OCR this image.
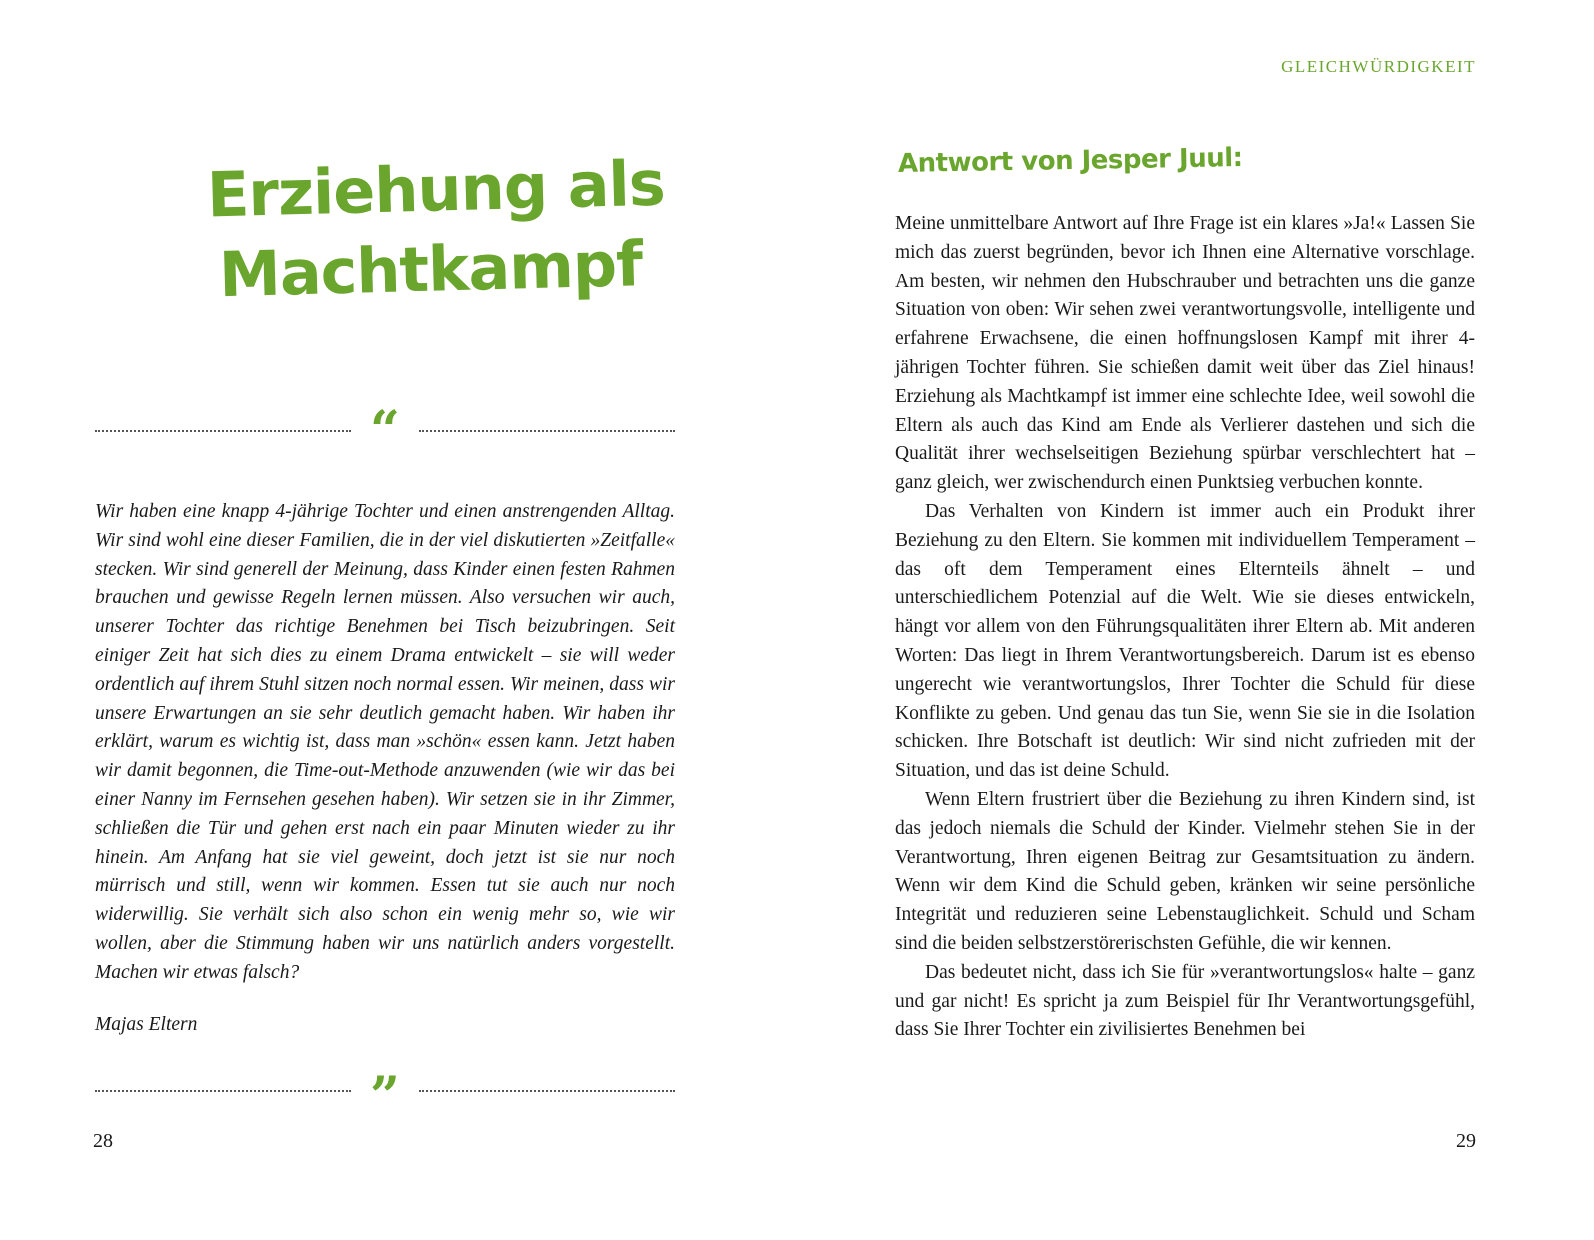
Erziehung als
Machtkampf
“

Wir haben eine knapp 4-jährige Tochter und einen anstrengenden Alltag. Wir sind wohl eine dieser Familien, die in der viel diskutierten »Zeitfalle« stecken. Wir sind generell der Meinung, dass Kinder einen festen Rahmen brauchen und gewisse Regeln lernen müssen. Also versuchen wir auch, unserer Tochter das richtige Benehmen bei Tisch beizubringen. Seit einiger Zeit hat sich dies zu einem Drama entwickelt – sie will weder ordentlich auf ihrem Stuhl sitzen noch normal essen. Wir meinen, dass wir unsere Erwartungen an sie sehr deutlich gemacht haben. Wir haben ihr erklärt, warum es wichtig ist, dass man »schön« essen kann. Jetzt haben wir damit begonnen, die Time-out-Methode anzuwenden (wie wir das bei einer Nanny im Fernsehen gesehen haben). Wir setzen sie in ihr Zimmer, schließen die Tür und gehen erst nach ein paar Minuten wieder zu ihr hinein. Am Anfang hat sie viel geweint, doch jetzt ist sie nur noch mürrisch und still, wenn wir kommen. Essen tut sie auch nur noch widerwillig. Sie verhält sich also schon ein wenig mehr so, wie wir wollen, aber die Stimmung haben wir uns natürlich anders vorgestellt. Machen wir etwas falsch?

Majas Eltern
”
28
GLEICHWÜRDIGKEIT
Antwort von Jesper Juul:

Meine unmittelbare Antwort auf Ihre Frage ist ein klares »Ja!« Lassen Sie mich das zuerst begründen, bevor ich Ihnen eine Alternative vorschlage. Am besten, wir nehmen den Hubschrauber und betrachten uns die ganze Situation von oben: Wir sehen zwei verantwortungsvolle, intelligente und erfahrene Erwachsene, die einen hoffnungslosen Kampf mit ihrer 4-jährigen Tochter führen. Sie schießen damit weit über das Ziel hinaus! Erziehung als Machtkampf ist immer eine schlechte Idee, weil sowohl die Eltern als auch das Kind am Ende als Verlierer dastehen und sich die Qualität ihrer wechselseitigen Beziehung spürbar verschlechtert hat – ganz gleich, wer zwischendurch einen Punktsieg verbuchen konnte.

Das Verhalten von Kindern ist immer auch ein Produkt ihrer Beziehung zu den Eltern. Sie kommen mit individuellem Temperament – das oft dem Temperament eines Elternteils ähnelt – und unterschiedlichem Potenzial auf die Welt. Wie sie dieses entwickeln, hängt vor allem von den Führungsqualitäten ihrer Eltern ab. Mit anderen Worten: Das liegt in Ihrem Verantwortungsbereich. Darum ist es ebenso ungerecht wie verantwortungslos, Ihrer Tochter die Schuld für diese Konflikte zu geben. Und genau das tun Sie, wenn Sie sie in die Isolation schicken. Ihre Botschaft ist deutlich: Wir sind nicht zufrieden mit der Situation, und das ist deine Schuld.

Wenn Eltern frustriert über die Beziehung zu ihren Kindern sind, ist das jedoch niemals die Schuld der Kinder. Vielmehr stehen Sie in der Verantwortung, Ihren eigenen Beitrag zur Gesamtsituation zu ändern. Wenn wir dem Kind die Schuld geben, kränken wir seine persönliche Integrität und reduzieren seine Lebenstauglichkeit. Schuld und Scham sind die beiden selbstzerstörerischsten Gefühle, die wir kennen.

Das bedeutet nicht, dass ich Sie für »verantwortungslos« halte – ganz und gar nicht! Es spricht ja zum Beispiel für Ihr Verantwortungsgefühl, dass Sie Ihrer Tochter ein zivilisiertes Benehmen bei

29
